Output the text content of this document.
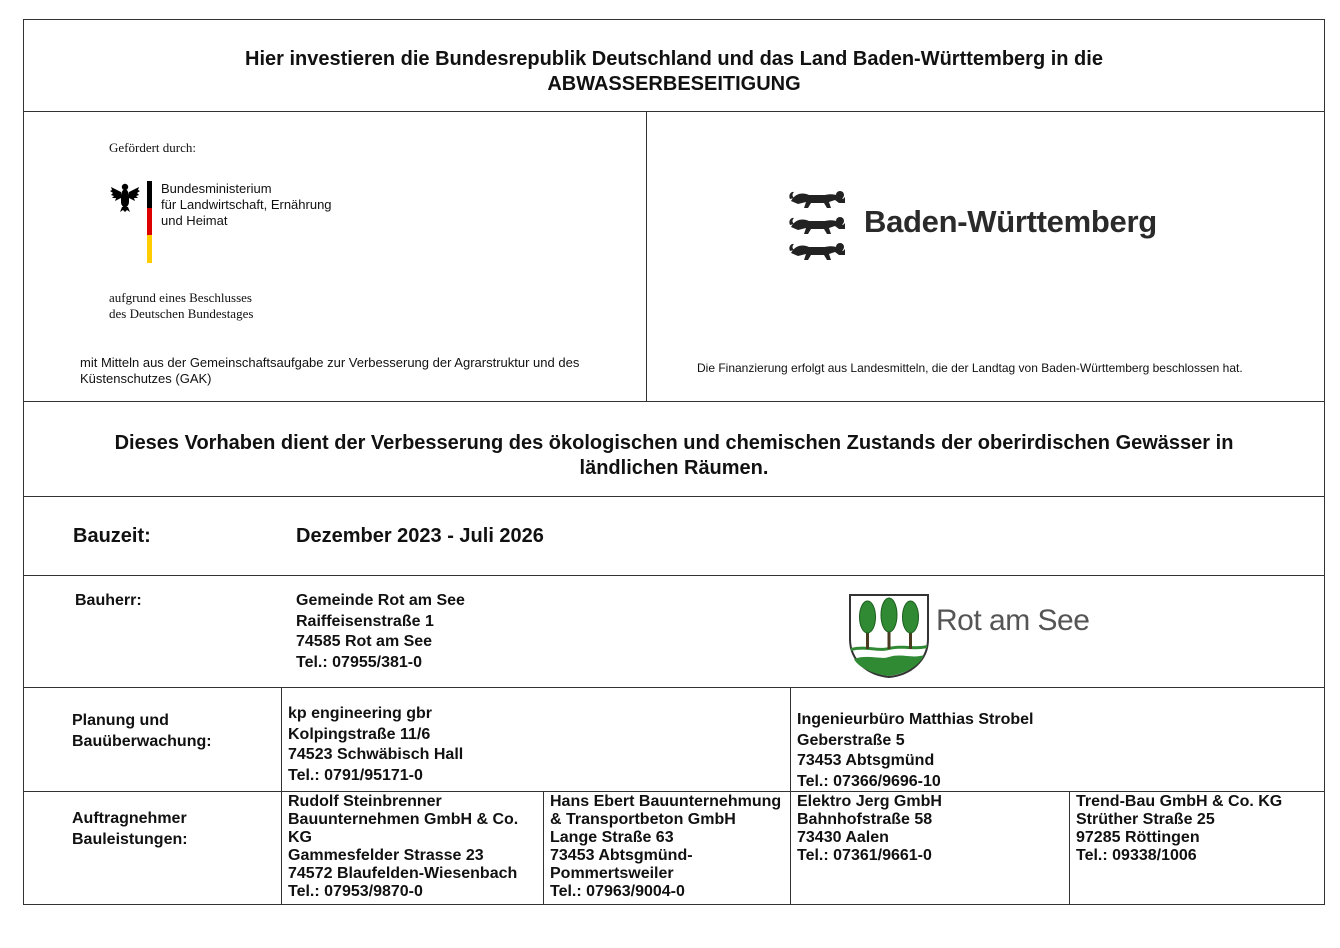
Hier investieren die Bundesrepublik Deutschland und das Land Baden-Württemberg in die
ABWASSERBESEITIGUNG
Gefördert durch:
Bundesministerium
für Landwirtschaft, Ernährung
und Heimat
aufgrund eines Beschlusses
des Deutschen Bundestages
mit Mitteln aus der Gemeinschaftsaufgabe zur Verbesserung der Agrarstruktur und des
Küstenschutzes (GAK)
Baden-Württemberg
Die Finanzierung erfolgt aus Landesmitteln, die der Landtag von Baden-Württemberg beschlossen hat.
Dieses Vorhaben dient der Verbesserung des ökologischen und chemischen Zustands der oberirdischen Gewässer in
ländlichen Räumen.
Bauzeit:	Dezember 2023 - Juli 2026
Bauherr:	Gemeinde Rot am See
Raiffeisenstraße 1
74585 Rot am See
Tel.: 07955/381-0
Rot am See
Planung und
Bauüberwachung:
kp engineering gbr
Kolpingstraße 11/6
74523 Schwäbisch Hall
Tel.: 0791/95171-0
Ingenieurbüro Matthias Strobel
Geberstraße 5
73453 Abtsgmünd
Tel.: 07366/9696-10
Auftragnehmer
Bauleistungen:
Rudolf Steinbrenner
Bauunternehmen GmbH & Co.
KG
Gammesfelder Strasse 23
74572 Blaufelden-Wiesenbach
Tel.: 07953/9870-0
Hans Ebert Bauunternehmung
& Transportbeton GmbH
Lange Straße 63
73453 Abtsgmünd-
Pommertsweiler
Tel.: 07963/9004-0
Elektro Jerg GmbH
Bahnhofstraße 58
73430 Aalen
Tel.: 07361/9661-0
Trend-Bau GmbH & Co. KG
Strüther Straße 25
97285 Röttingen
Tel.: 09338/1006
